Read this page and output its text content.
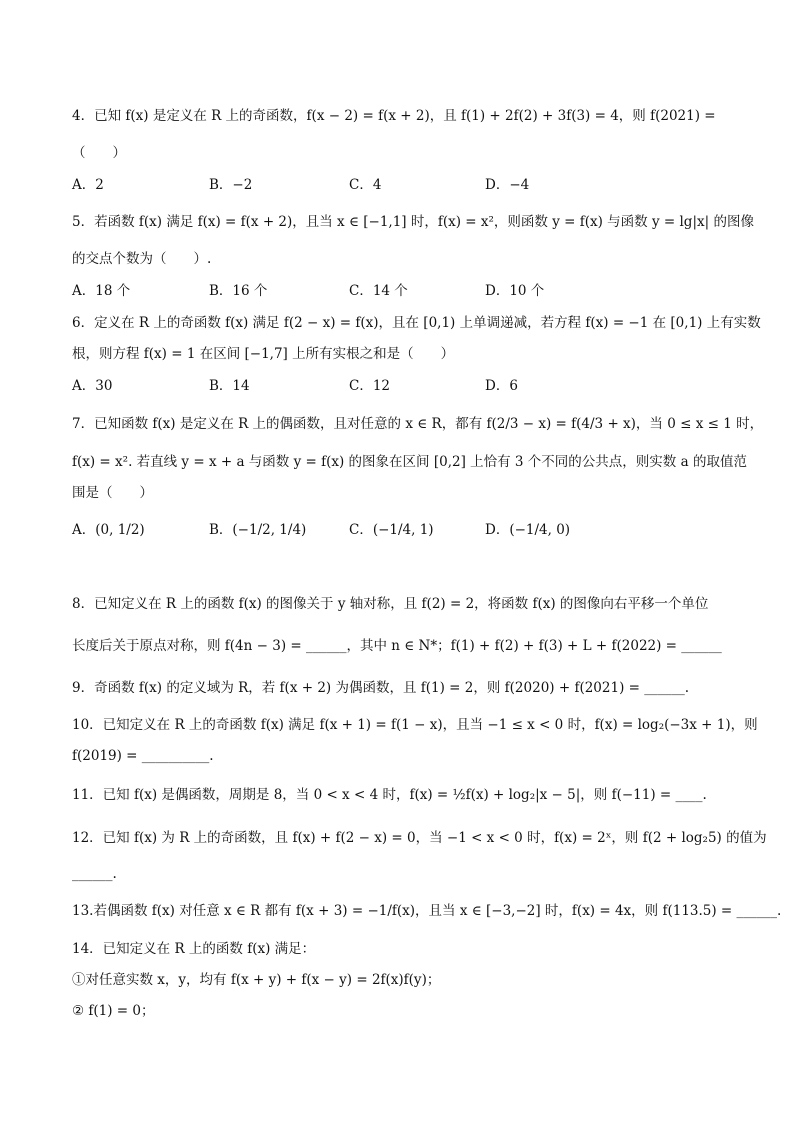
4．已知 f(x) 是定义在 R 上的奇函数，f(x − 2) = f(x + 2)，且 f(1) + 2f(2) + 3f(3) = 4，则 f(2021) =
（　　）
A．2	B．−2	C．4	D．−4
5．若函数 f(x) 满足 f(x) = f(x + 2)，且当 x ∈ [−1,1] 时，f(x) = x²，则函数 y = f(x) 与函数 y = lg|x| 的图像
的交点个数为（　　）.
A．18 个	B．16 个	C．14 个	D．10 个
6．定义在 R 上的奇函数 f(x) 满足 f(2 − x) = f(x)，且在 [0,1) 上单调递减，若方程 f(x) = −1 在 [0,1) 上有实数
根，则方程 f(x) = 1 在区间 [−1,7] 上所有实根之和是（　　）
A．30	B．14	C．12	D．6
7．已知函数 f(x) 是定义在 R 上的偶函数，且对任意的 x ∈ R，都有 f(2/3 − x) = f(4/3 + x)，当 0 ≤ x ≤ 1 时，
f(x) = x². 若直线 y = x + a 与函数 y = f(x) 的图象在区间 [0,2] 上恰有 3 个不同的公共点，则实数 a 的取值范
围是（　　）
A．(0, 1/2)	B．(−1/2, 1/4)	C．(−1/4, 1)	D．(−1/4, 0)
8．已知定义在 R 上的函数 f(x) 的图像关于 y 轴对称，且 f(2) = 2，将函数 f(x) 的图像向右平移一个单位
长度后关于原点对称，则 f(4n − 3) = ______，其中 n ∈ N*；f(1) + f(2) + f(3) + L + f(2022) = ______
9．奇函数 f(x) 的定义域为 R，若 f(x + 2) 为偶函数，且 f(1) = 2，则 f(2020) + f(2021) = ______.
10．已知定义在 R 上的奇函数 f(x) 满足 f(x + 1) = f(1 − x)，且当 −1 ≤ x < 0 时，f(x) = log₂(−3x + 1)，则
f(2019) = __________.
11．已知 f(x) 是偶函数，周期是 8，当 0 < x < 4 时，f(x) = ½f(x) + log₂|x − 5|，则 f(−11) = ____.
12．已知 f(x) 为 R 上的奇函数，且 f(x) + f(2 − x) = 0，当 −1 < x < 0 时，f(x) = 2ˣ，则 f(2 + log₂5) 的值为
______.
13.若偶函数 f(x) 对任意 x ∈ R 都有 f(x + 3) = −1/f(x)，且当 x ∈ [−3,−2] 时，f(x) = 4x，则 f(113.5) = ______.
14．已知定义在 R 上的函数 f(x) 满足：
①对任意实数 x，y，均有 f(x + y) + f(x − y) = 2f(x)f(y)；
② f(1) = 0；
